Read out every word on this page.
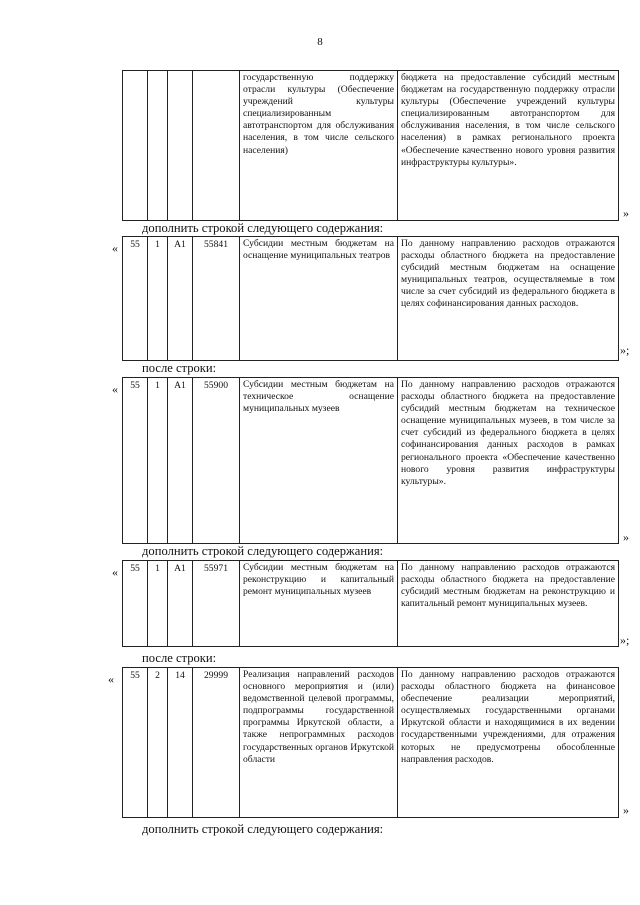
8
				государственную поддержку отрасли культуры (Обеспечение учреждений культуры специализированным автотранспортом для обслуживания населения, в том числе сельского населения)	бюджета на предоставление субсидий местным бюджетам на государственную поддержку отрасли культуры (Обеспечение учреждений культуры специализированным автотранспортом для обслуживания населения, в том числе сельского населения) в рамках регионального проекта «Обеспечение качественно нового уровня развития инфраструктуры культуры».
»
дополнить строкой следующего содержания:
« 55	1	А1	55841	Субсидии местным бюджетам на оснащение муниципальных театров	По данному направлению расходов отражаются расходы областного бюджета на предоставление субсидий местным бюджетам на оснащение муниципальных театров, осуществляемые в том числе за счет субсидий из федерального бюджета в целях софинансирования данных расходов.
»;
после строки:
« 55	1	А1	55900	Субсидии местным бюджетам на техническое оснащение муниципальных музеев	По данному направлению расходов отражаются расходы областного бюджета на предоставление субсидий местным бюджетам на техническое оснащение муниципальных музеев, в том числе за счет субсидий из федерального бюджета в целях софинансирования данных расходов в рамках регионального проекта «Обеспечение качественно нового уровня развития инфраструктуры культуры».
»
дополнить строкой следующего содержания:
« 55	1	А1	55971	Субсидии местным бюджетам на реконструкцию и капитальный ремонт муниципальных музеев	По данному направлению расходов отражаются расходы областного бюджета на предоставление субсидий местным бюджетам на реконструкцию и капитальный ремонт муниципальных музеев.
»;
после строки:
« 55	2	14	29999	Реализация направлений расходов основного мероприятия и (или) ведомственной целевой программы, подпрограммы государственной программы Иркутской области, а также непрограммных расходов государственных органов Иркутской области	По данному направлению расходов отражаются расходы областного бюджета на финансовое обеспечение реализации мероприятий, осуществляемых государственными органами Иркутской области и находящимися в их ведении государственными учреждениями, для отражения которых не предусмотрены обособленные направления расходов.
»
дополнить строкой следующего содержания:
